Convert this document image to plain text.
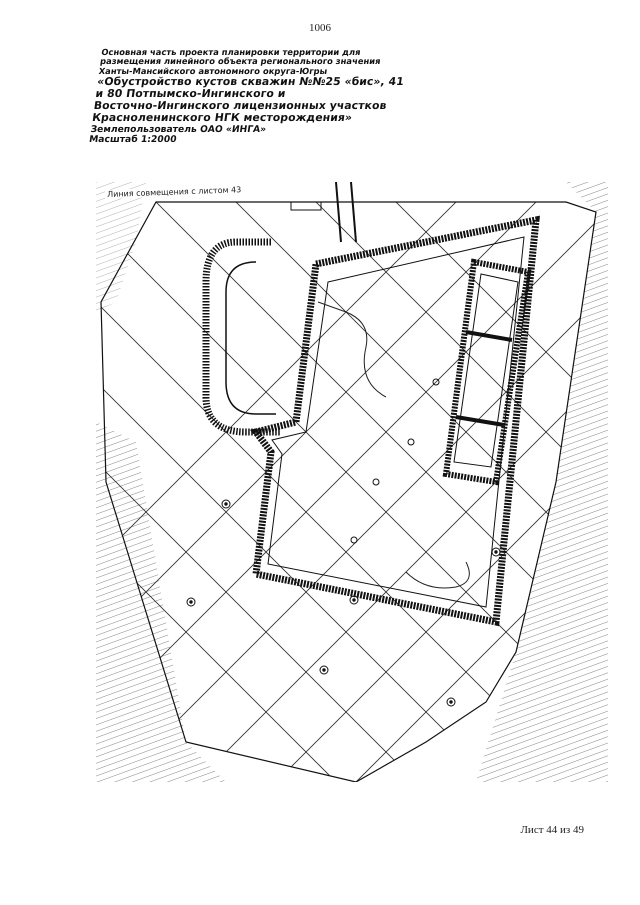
1006
Основная часть проекта планировки территории для
размещения линейного объекта регионального значения
Ханты-Мансийского автономного округа-Югры
«Обустройство кустов скважин №№25 «бис», 41
и 80 Потпымско-Ингинского и
Восточно-Ингинского лицензионных участков
Красноленинского НГК месторождения»
Землепользователь ОАО «ИНГА»
Масштаб 1:2000
Линия совмещения с листом 43
Лист 44 из 49
